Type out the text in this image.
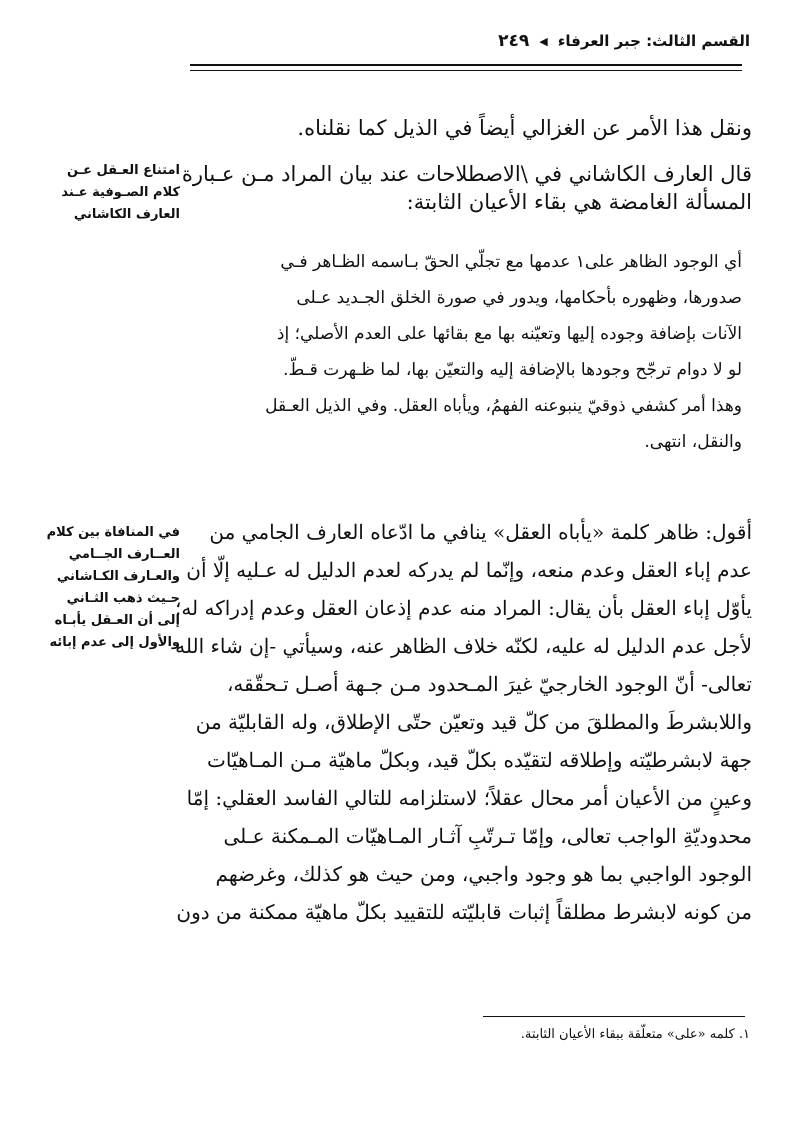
القسم الثالث: جبر العرفاء
◀
٢٤٩

ونقل هذا الأمر عن الغزالي أيضاً في الذيل كما نقلناه.

قال العارف الكاشاني في \الاصطلاحات عند بيان المراد مـن عـبارة
المسألة الغامضة هي بقاء الأعيان الثابتة:

أي الوجود الظاهر على١ عدمها مع تجلّي الحقّ بـاسمه الظـاهر فـي
صدورها، وظهوره بأحكامها، ويدور في صورة الخلق الجـديد عـلى
الآنات بإضافة وجوده إليها وتعيّنه بها مع بقائها على العدم الأصلي؛ إذ
لو لا دوام ترجّح وجودها بالإضافة إليه والتعيّن بها، لما ظـهرت قـطّ.
وهذا أمر كشفي ذوقيّ ينبوعنه الفهمُ، ويأباه العقل. وفي الذيل العـقل
والنقل، انتهى.
أقول: ظاهر كلمة «يأباه العقل» ينافي ما ادّعاه العارف الجامي من
عدم إباء العقل وعدم منعه، وإنّما لم يدركه لعدم الدليل له عـليه إلّا أن
يأوّل إباء العقل بأن يقال: المراد منه عدم إذعان العقل وعدم إدراكه له؛
لأجل عدم الدليل له عليه، لكنّه خلاف الظاهر عنه، وسيأتي -إن شاء الله
تعالى- أنّ الوجود الخارجيّ غيرَ المـحدود مـن جـهة أصـل تـحقّقه،
واللابشرطَ والمطلقَ من كلّ قيد وتعيّن حتّى الإطلاق، وله القابليّة من
جهة لابشرطيّته وإطلاقه لتقيّده بكلّ قيد، وبكلّ ماهيّة مـن المـاهيّات
وعينٍ من الأعيان أمر محال عقلاً؛ لاستلزامه للتالي الفاسد العقلي: إمّا
محدوديّةِ الواجب تعالى، وإمّا تـرتّبِ آثـار المـاهيّات المـمكنة عـلى
الوجود الواجبي بما هو وجود واجبي، ومن حيث هو كذلك، وغرضهم
من كونه لابشرط مطلقاً إثبات قابليّته للتقييد بكلّ ماهيّة ممكنة من دون
امتناع العـقل عـن
كلام الصـوفية عـند
العارف الكاشاني
في المنافاة بين كلام
العــارف الجــامي
والعـارف الكـاشاني
حـيث ذهب الثـاني
إلى أن العـقل يأبـاه
والأول إلى عدم إبائه

١. كلمه «على» متعلّقة ببقاء الأعيان الثابتة.
